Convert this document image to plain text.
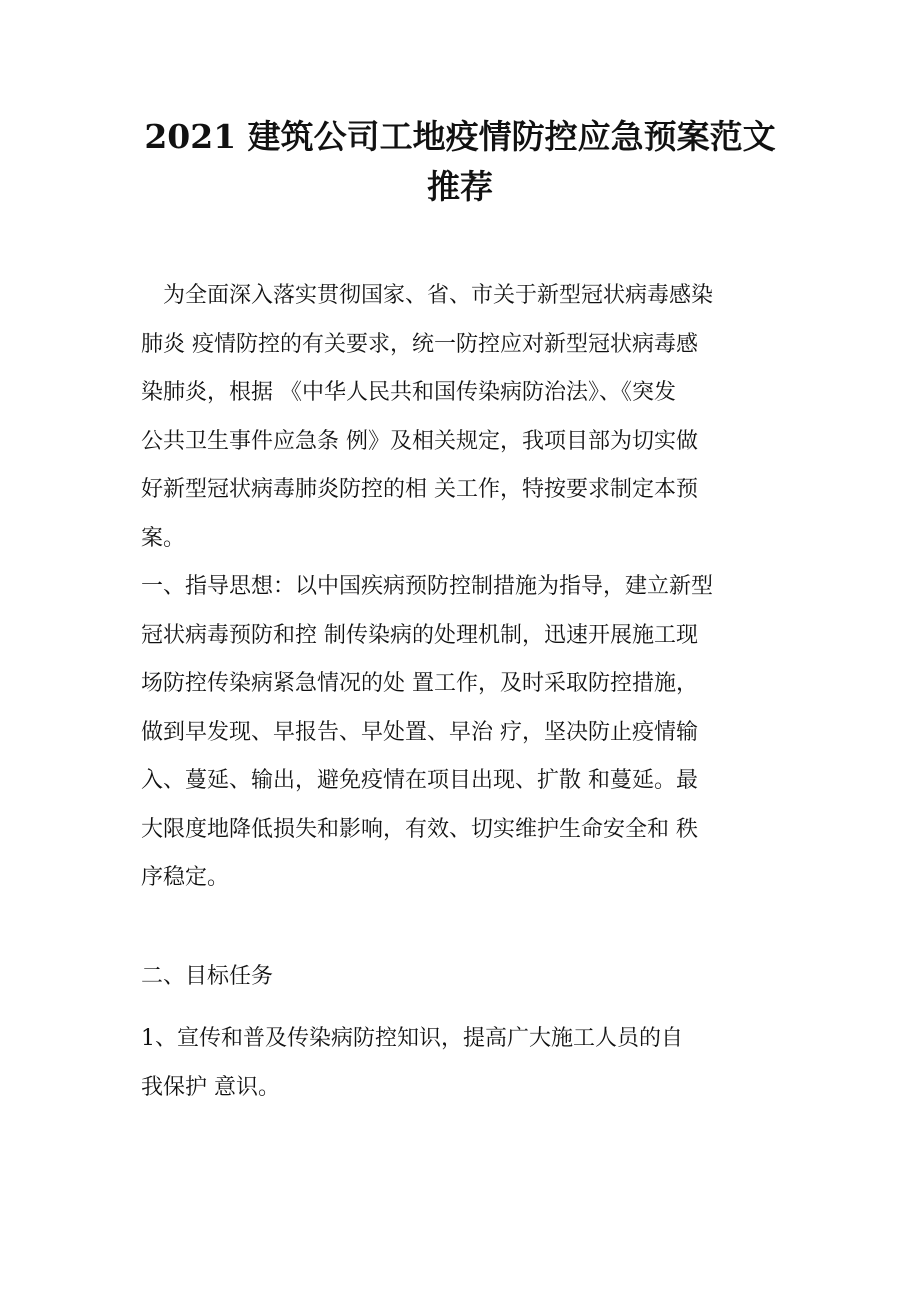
2021 建筑公司工地疫情防控应急预案范文
推荐
为全面深入落实贯彻国家、省、市关于新型冠状病毒感染
肺炎 疫情防控的有关要求，统一防控应对新型冠状病毒感
染肺炎，根据 《中华人民共和国传染病防治法》、《突发
公共卫生事件应急条 例》及相关规定，我项目部为切实做
好新型冠状病毒肺炎防控的相 关工作，特按要求制定本预
案。
一、指导思想：以中国疾病预防控制措施为指导，建立新型
冠状病毒预防和控 制传染病的处理机制，迅速开展施工现
场防控传染病紧急情况的处 置工作，及时采取防控措施，
做到早发现、早报告、早处置、早治 疗，坚决防止疫情输
入、蔓延、输出，避免疫情在项目出现、扩散 和蔓延。最
大限度地降低损失和影响，有效、切实维护生命安全和 秩
序稳定。
二、目标任务
1、宣传和普及传染病防控知识，提高广大施工人员的自
我保护 意识。
